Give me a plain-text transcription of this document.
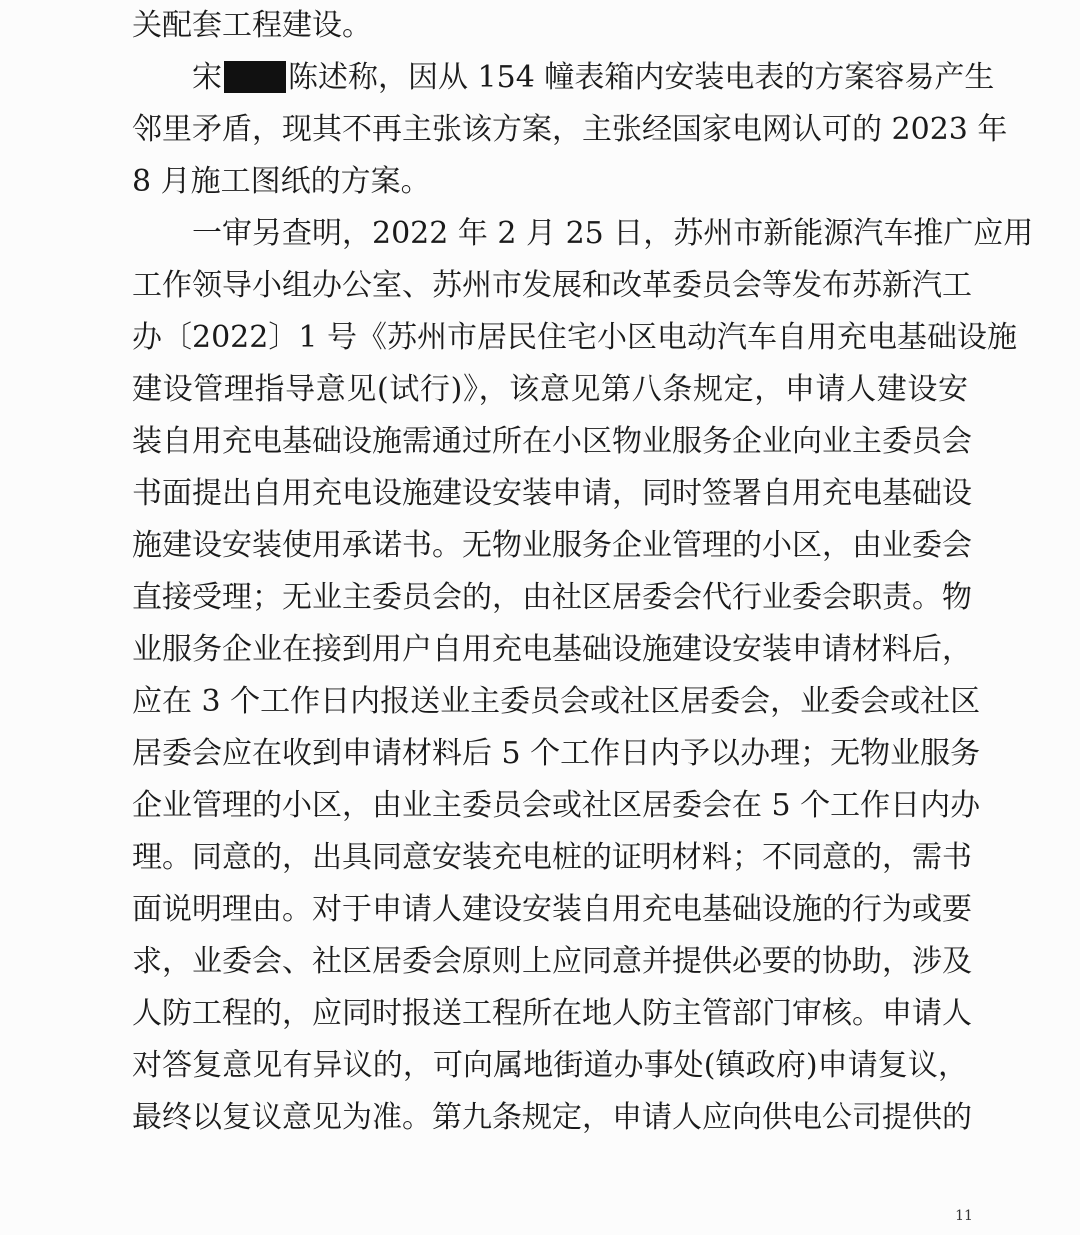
关配套工程建设。
宋 陈述称，因从 154 幢表箱内安装电表的方案容易产生
邻里矛盾，现其不再主张该方案，主张经国家电网认可的 2023 年
8 月施工图纸的方案。
一审另查明，2022 年 2 月 25 日，苏州市新能源汽车推广应用
工作领导小组办公室、苏州市发展和改革委员会等发布苏新汽工
办〔2022〕1 号《苏州市居民住宅小区电动汽车自用充电基础设施
建设管理指导意见(试行)》，该意见第八条规定，申请人建设安
装自用充电基础设施需通过所在小区物业服务企业向业主委员会
书面提出自用充电设施建设安装申请，同时签署自用充电基础设
施建设安装使用承诺书。无物业服务企业管理的小区，由业委会
直接受理；无业主委员会的，由社区居委会代行业委会职责。物
业服务企业在接到用户自用充电基础设施建设安装申请材料后，
应在 3 个工作日内报送业主委员会或社区居委会，业委会或社区
居委会应在收到申请材料后 5 个工作日内予以办理；无物业服务
企业管理的小区，由业主委员会或社区居委会在 5 个工作日内办
理。同意的，出具同意安装充电桩的证明材料；不同意的，需书
面说明理由。对于申请人建设安装自用充电基础设施的行为或要
求，业委会、社区居委会原则上应同意并提供必要的协助，涉及
人防工程的，应同时报送工程所在地人防主管部门审核。申请人
对答复意见有异议的，可向属地街道办事处(镇政府)申请复议，
最终以复议意见为准。第九条规定，申请人应向供电公司提供的
11
